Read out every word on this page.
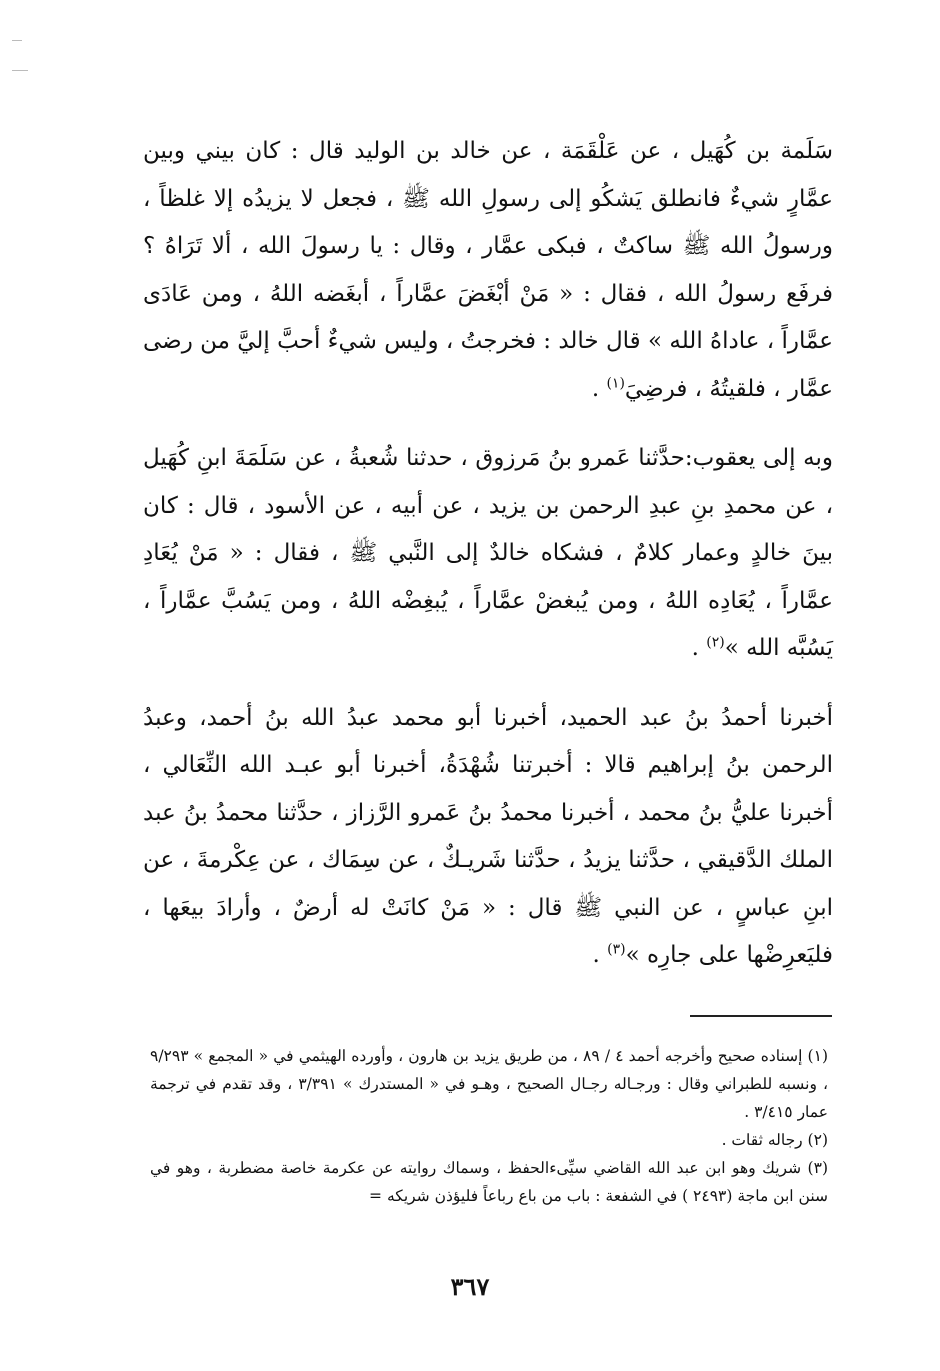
سَلَمة بن كُهَيل ، عن عَلْقَمَة ، عن خالد بن الوليد قال : كان بيني وبين عمَّارٍ شيءٌ فانطلق يَشكُو إلى رسولِ الله ﷺ ، فجعل لا يزيدُه إلا غلظاً ، ورسولُ الله ﷺ ساكتٌ ، فبكى عمَّار ، وقال : يا رسولَ الله ، ألا تَرَاهُ ؟ فرفَع رسولُ الله ، فقال : « مَنْ أبْغَضَ عمَّاراً ، أبغَضه اللهُ ، ومن عَادَى عمَّاراً ، عاداهُ الله » قال خالد : فخرجتُ ، وليس شيءٌ أحبَّ إليَّ من رضى عمَّار ، فلقيتُهُ ، فرضِيَ$^{(١)}$ .

وبه إلى يعقوب:حدَّثنا عَمرو بنُ مَرزوق ، حدثنا شُعبةُ ، عن سَلَمَةَ ابنِ كُهَيل ، عن محمدِ بنِ عبدِ الرحمن بن يزيد ، عن أبيه ، عن الأسود ، قال : كان بينَ خالدٍ وعمار كلامٌ ، فشكاه خالدٌ إلى النَّبي ﷺ ، فقال : « مَنْ يُعَادِ عمَّاراً ، يُعَادِه اللهُ ، ومن يُبغضْ عمَّاراً ، يُبغِضْه اللهُ ، ومن يَسُبَّ عمَّاراً ، يَسُبَّه الله »$^{(٢)}$ .

أخبرنا أحمدُ بنُ عبد الحميد، أخبرنا أبو محمد عبدُ الله بنُ أحمد، وعبدُ الرحمن بنُ إبراهيم قالا : أخبرتنا شُهْدَةُ، أخبرنا أبو عبـد الله النِّعَالي ، أخبرنا عليُّ بنُ محمد ، أخبرنا محمدُ بنُ عَمرو الرَّزاز ، حدَّثنا محمدُ بنُ عبد الملك الدَّقيقي ، حدَّثنا يزيدُ ، حدَّثنا شَريـكٌ ، عن سِمَاك ، عن عِكْرمةَ ، عن ابنِ عباسٍ ، عن النبي ﷺ قال : « مَنْ كانَتْ له أرضٌ ، وأرادَ بيعَها ، فليَعرِضْها على جارِه »$^{(٣)}$ .

(١) إسناده صحيح وأخرجه أحمد ٤ / ٨٩ ، من طريق يزيد بن هارون ، وأورده الهيثمي في « المجمع » ٩/٢٩٣ ، ونسبه للطبراني وقال : ورجـاله رجـال الصحيح ، وهـو في « المستدرك » ٣/٣٩١ ، وقد تقدم في ترجمة عمار ٣/٤١٥ .

(٢) رجاله ثقات .

(٣) شريك وهو ابن عبد الله القاضي سيِّىءالحفظ ، وسماك روايته عن عكرمة خاصة مضطربة ، وهو في سنن ابن ماجة (٢٤٩٣ ) في الشفعة : باب من باع رباعاً فليؤذن شريكه =

٣٦٧
